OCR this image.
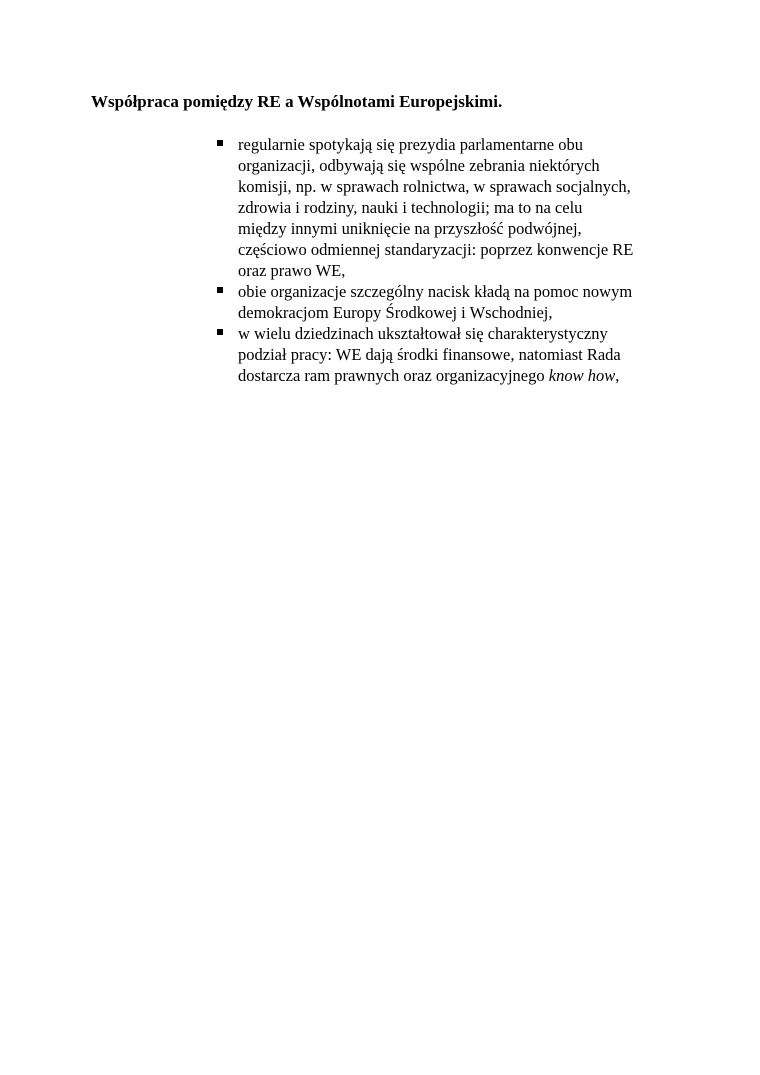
Współpraca pomiędzy RE a Wspólnotami Europejskimi.
regularnie spotykają się prezydia parlamentarne obu
organizacji, odbywają się wspólne zebrania niektórych
komisji, np. w sprawach rolnictwa, w sprawach socjalnych,
zdrowia i rodziny, nauki i technologii; ma to na celu
między innymi uniknięcie na przyszłość podwójnej,
częściowo odmiennej standaryzacji: poprzez konwencje RE
oraz prawo WE,
obie organizacje szczególny nacisk kładą na pomoc nowym
demokracjom Europy Środkowej i Wschodniej,
w wielu dziedzinach ukształtował się charakterystyczny
podział pracy: WE dają środki finansowe, natomiast Rada
dostarcza ram prawnych oraz organizacyjnego know how,
